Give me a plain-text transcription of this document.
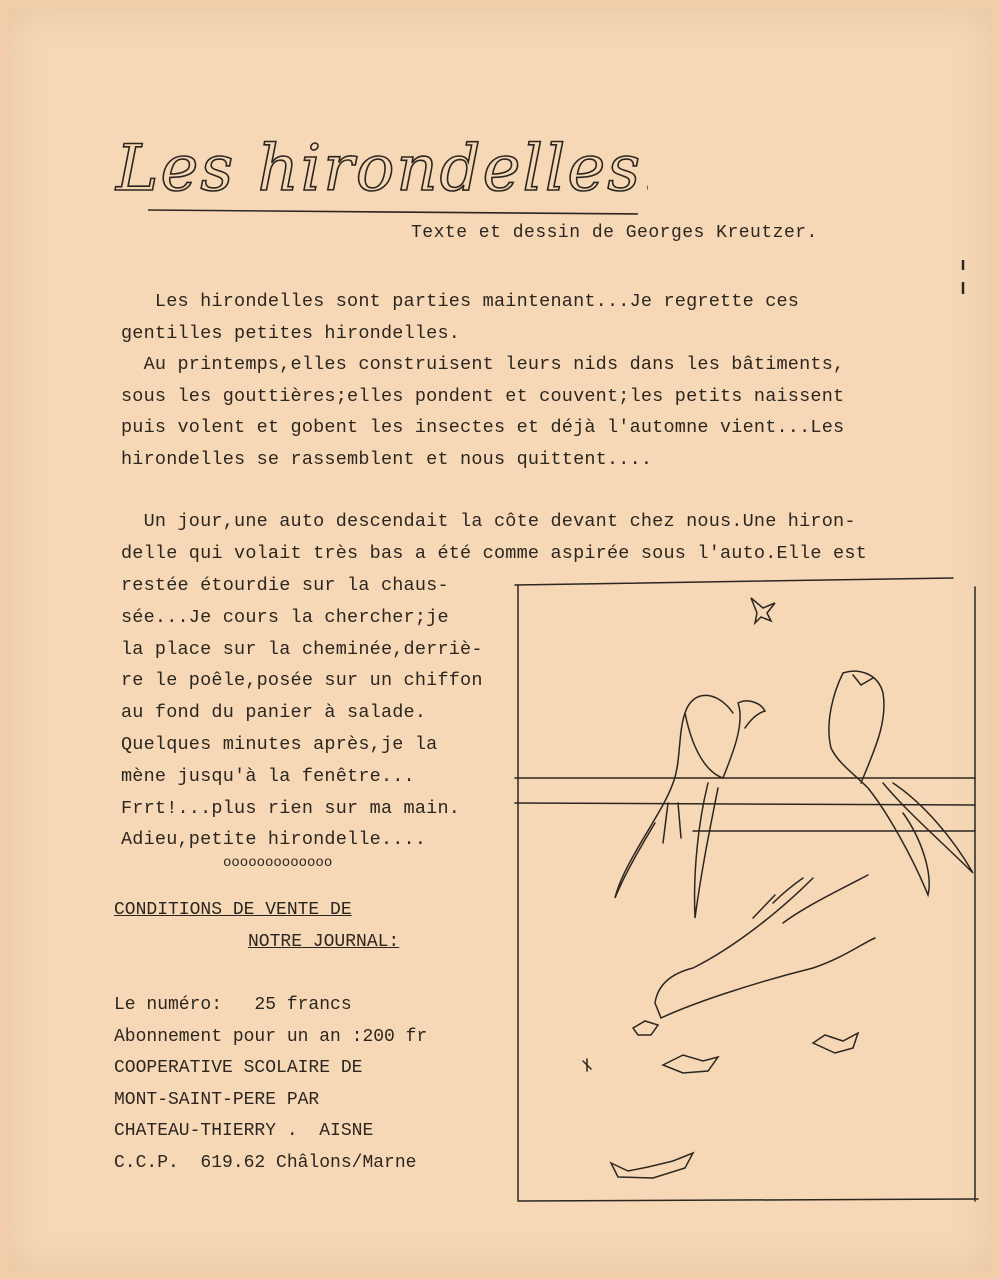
Les hirondelles.
Texte et dessin de Georges Kreutzer.
Les hirondelles sont parties maintenant...Je regrette ces
gentilles petites hirondelles.
Au printemps,elles construisent leurs nids dans les bâtiments,
sous les gouttières;elles pondent et couvent;les petits naissent
puis volent et gobent les insectes et déjà l'automne vient...Les
hirondelles se rassemblent et nous quittent....
Un jour,une auto descendait la côte devant chez nous.Une hiron-
delle qui volait très bas a été comme aspirée sous l'auto.Elle est
restée étourdie sur la chaus-
sée...Je cours la chercher;je
la place sur la cheminée,derriè-
re le poêle,posée sur un chiffon
au fond du panier à salade.
Quelques minutes après,je la
mène jusqu'à la fenêtre...
Frrt!...plus rien sur ma main.
Adieu,petite hirondelle....
ooooooooooooo
CONDITIONS DE VENTE DE
NOTRE JOURNAL:
Le numéro:   25 francs
Abonnement pour un an :200 fr
COOPERATIVE SCOLAIRE DE
MONT-SAINT-PERE PAR
CHATEAU-THIERRY .  AISNE
C.C.P.  619.62 Châlons/Marne
